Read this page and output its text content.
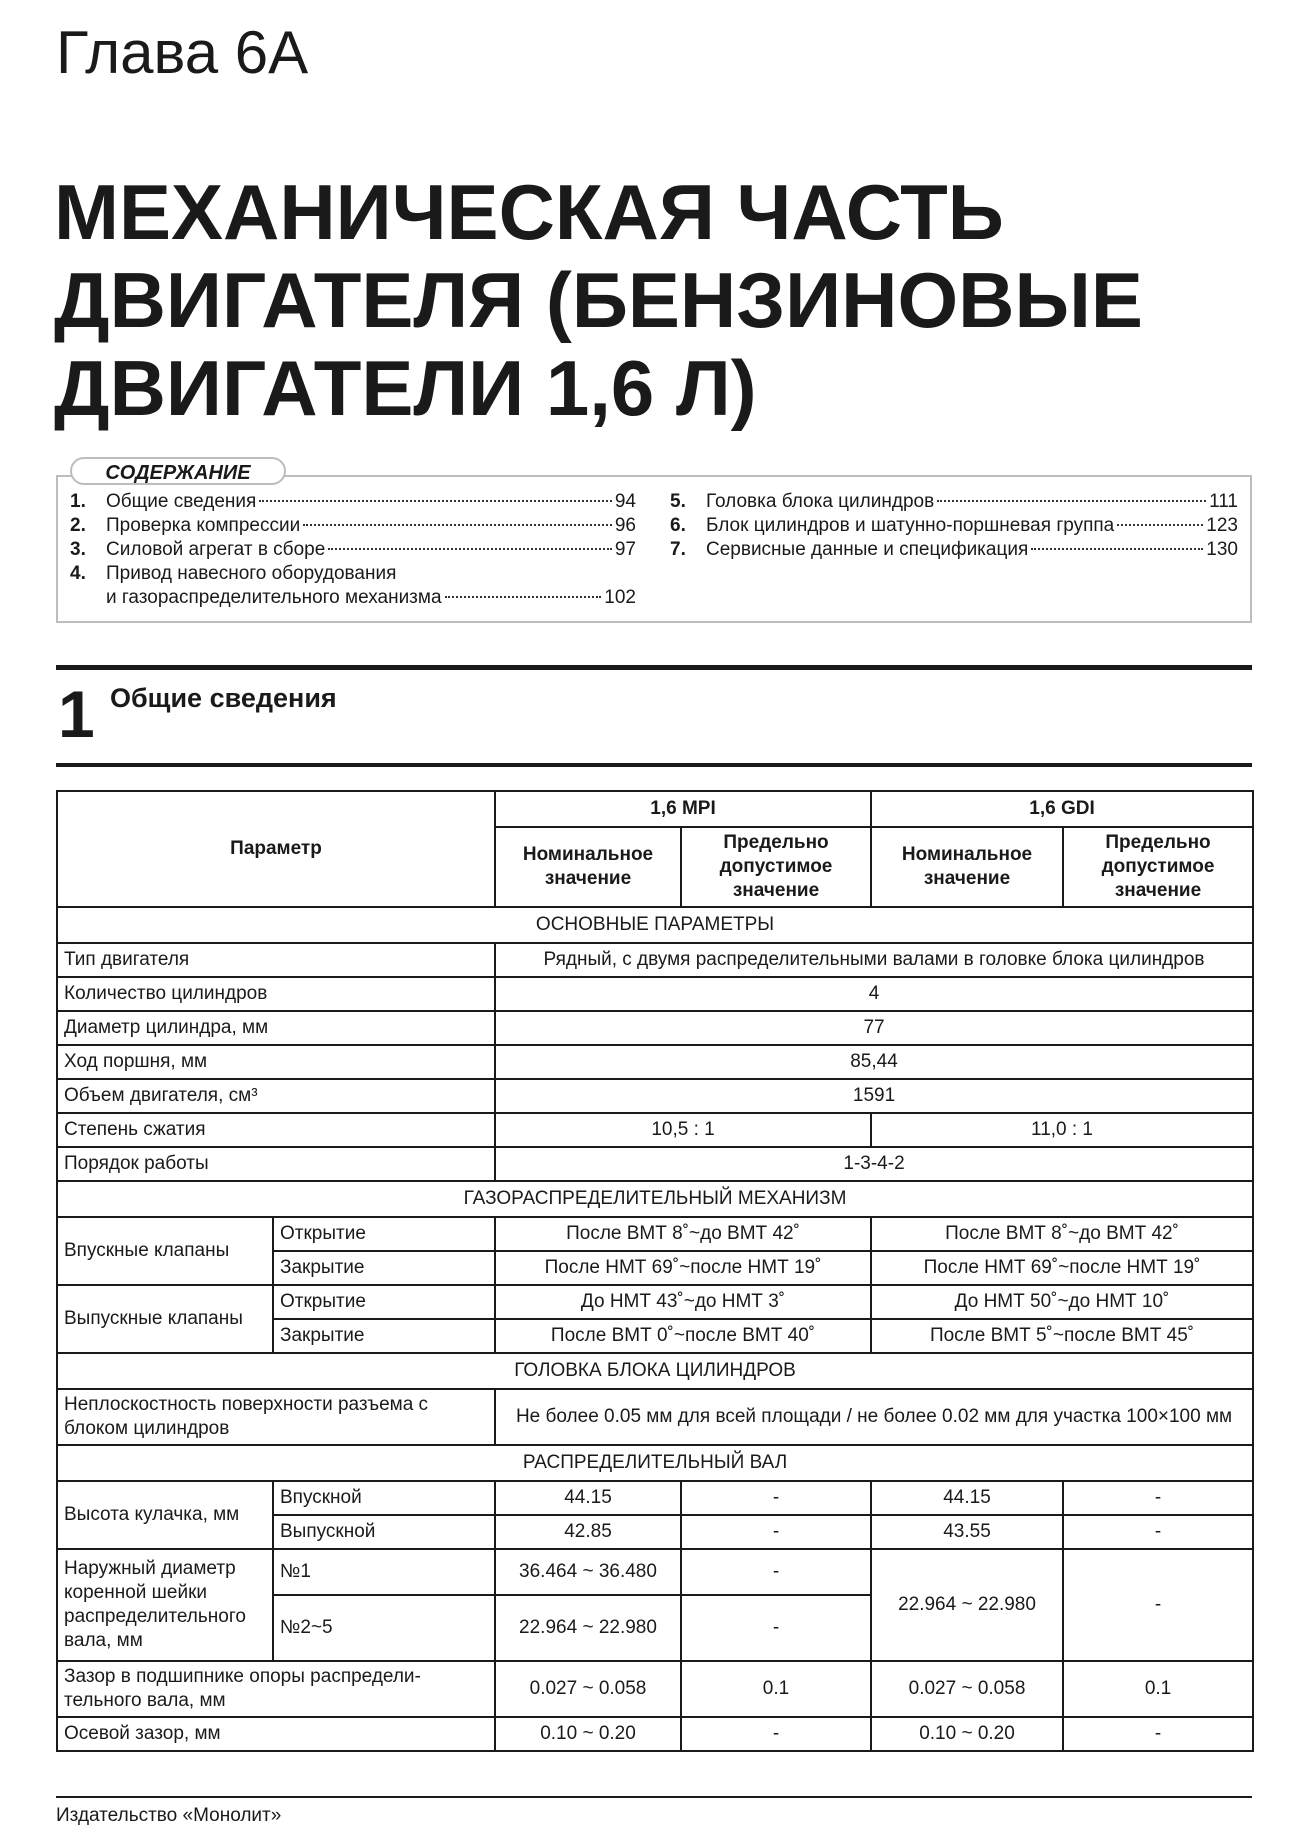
Глава 6А
МЕХАНИЧЕСКАЯ ЧАСТЬ ДВИГАТЕЛЯ (БЕНЗИНОВЫЕ ДВИГАТЕЛИ 1,6 Л)
СОДЕРЖАНИЕ
1.	Общие сведения	94
2.	Проверка компрессии	96
3.	Силовой агрегат в сборе	97
4.	Привод навесного оборудования
и газораспределительного механизма	102
5.	Головка блока цилиндров	111
6.	Блок цилиндров и шатунно-поршневая группа	123
7.	Сервисные данные и спецификация	130
1 Общие сведения
Параметр		1,6 MPI		1,6 GDI	
		Номинальное значение	Предельно допустимое значение	Номинальное значение	Предельно допустимое значение
ОСНОВНЫЕ ПАРАМЕТРЫ					
Тип двигателя		Рядный, с двумя распределительными валами в головке блока цилиндров			
Количество цилиндров		4			
Диаметр цилиндра, мм		77			
Ход поршня, мм		85,44			
Объем двигателя, см³		1591			
Степень сжатия		10,5 : 1		11,0 : 1	
Порядок работы		1-3-4-2			
ГАЗОРАСПРЕДЕЛИТЕЛЬНЫЙ МЕХАНИЗМ					
Впускные клапаны	Открытие	После ВМТ 8˚~до ВМТ 42˚		После ВМТ 8˚~до ВМТ 42˚	
	Закрытие	После НМТ 69˚~после НМТ 19˚		После НМТ 69˚~после НМТ 19˚	
Выпускные клапаны	Открытие	До НМТ 43˚~до НМТ 3˚		До НМТ 50˚~до НМТ 10˚	
	Закрытие	После ВМТ 0˚~после ВМТ 40˚		После ВМТ 5˚~после ВМТ 45˚	
ГОЛОВКА БЛОКА ЦИЛИНДРОВ					
Неплоскостность поверхности разъема с блоком цилиндров		Не более 0.05 мм для всей площади / не более 0.02 мм для участка 100×100 мм			
РАСПРЕДЕЛИТЕЛЬНЫЙ ВАЛ					
Высота кулачка, мм	Впускной	44.15	-	44.15	-
	Выпускной	42.85	-	43.55	-
Наружный диаметр коренной шейки распределительного вала, мм	№1	36.464 ~ 36.480	-	22.964 ~ 22.980	-
	№2~5	22.964 ~ 22.980	-		
Зазор в подшипнике опоры распредели-тельного вала, мм		0.027 ~ 0.058	0.1	0.027 ~ 0.058	0.1
Осевой зазор, мм		0.10 ~ 0.20	-	0.10 ~ 0.20	-
Издательство «Монолит»
